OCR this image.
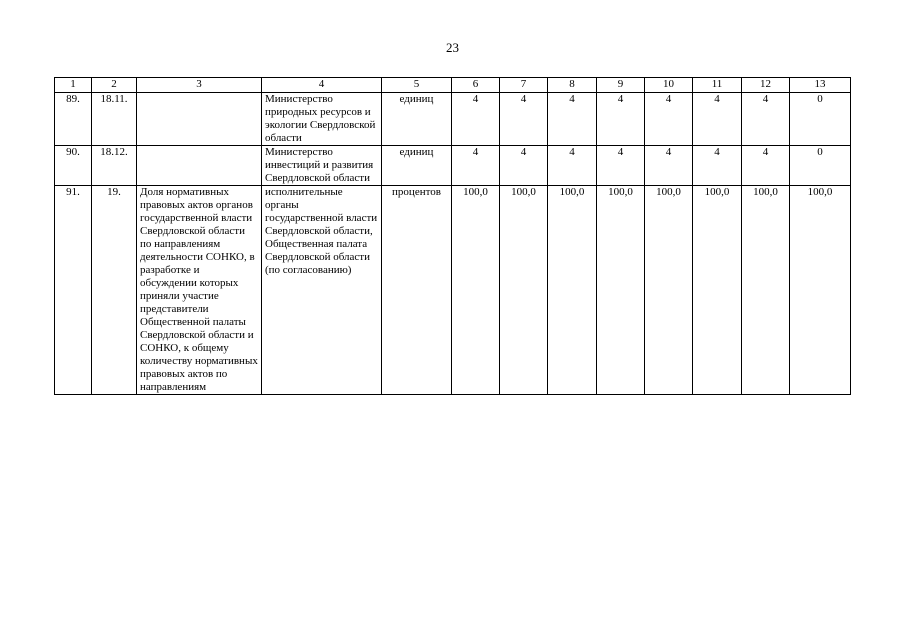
23
1	2	3	4	5	6	7	8	9	10	11	12	13
89.	18.11.		Министерство природных ресурсов и экологии Свердловской области	единиц	4	4	4	4	4	4	4	0
90.	18.12.		Министерство инвестиций и развития Свердловской области	единиц	4	4	4	4	4	4	4	0
91.	19.	Доля нормативных правовых актов органов государственной власти Свердловской области по направлениям деятельности СОНКО, в разработке и обсуждении которых приняли участие представители Общественной палаты Свердловской области и СОНКО, к общему количеству нормативных правовых актов по направлениям	исполнительные органы государственной власти Свердловской области, Общественная палата Свердловской области (по согласованию)	процентов	100,0	100,0	100,0	100,0	100,0	100,0	100,0	100,0
